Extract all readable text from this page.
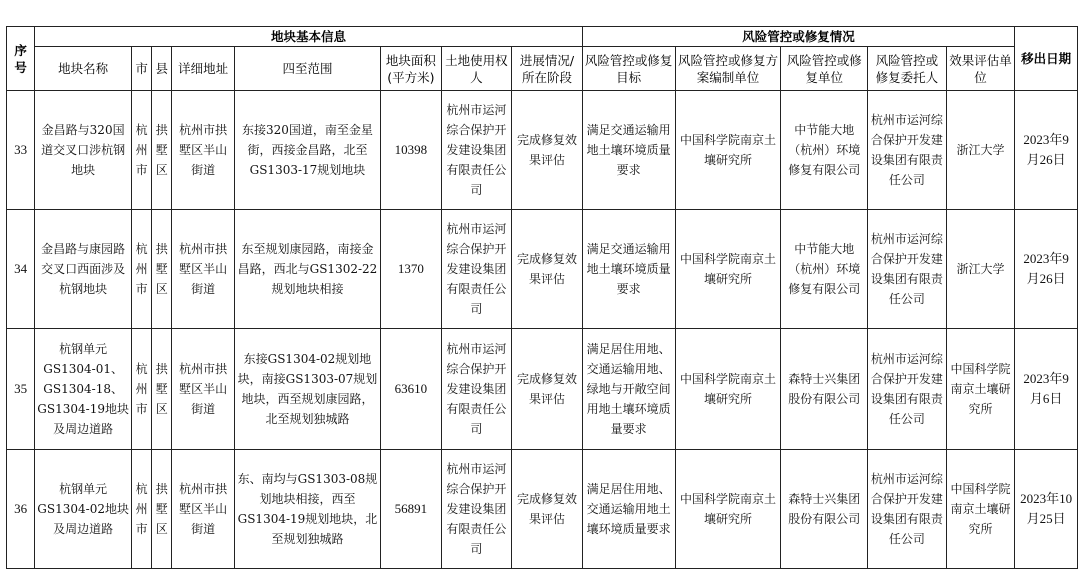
序号	地块基本信息								风险管控或修复情况					移出日期
	地块名称	市	县	详细地址	四至范围	地块面积(平方米)	土地使用权人	进展情况/所在阶段	风险管控或修复目标	风险管控或修复方案编制单位	风险管控或修复单位	风险管控或修复委托人	效果评估单位	
33	金昌路与320国道交叉口涉杭钢地块	杭州市	拱墅区	杭州市拱墅区半山街道	东接320国道，南至金星街，西接金昌路，北至GS1303-17规划地块	10398	杭州市运河综合保护开发建设集团有限责任公司	完成修复效果评估	满足交通运输用地土壤环境质量要求	中国科学院南京土壤研究所	中节能大地（杭州）环境修复有限公司	杭州市运河综合保护开发建设集团有限责任公司	浙江大学	2023年9月26日
34	金昌路与康园路交叉口西面涉及杭钢地块	杭州市	拱墅区	杭州市拱墅区半山街道	东至规划康园路，南接金昌路，西北与GS1302-22规划地块相接	1370	杭州市运河综合保护开发建设集团有限责任公司	完成修复效果评估	满足交通运输用地土壤环境质量要求	中国科学院南京土壤研究所	中节能大地（杭州）环境修复有限公司	杭州市运河综合保护开发建设集团有限责任公司	浙江大学	2023年9月26日
35	杭钢单元GS1304-01、GS1304-18、GS1304-19地块及周边道路	杭州市	拱墅区	杭州市拱墅区半山街道	东接GS1304-02规划地块，南接GS1303-07规划地块，西至规划康园路，北至规划独城路	63610	杭州市运河综合保护开发建设集团有限责任公司	完成修复效果评估	满足居住用地、交通运输用地、绿地与开敞空间用地土壤环境质量要求	中国科学院南京土壤研究所	森特士兴集团股份有限公司	杭州市运河综合保护开发建设集团有限责任公司	中国科学院南京土壤研究所	2023年9月6日
36	杭钢单元GS1304-02地块及周边道路	杭州市	拱墅区	杭州市拱墅区半山街道	东、南均与GS1303-08规划地块相接，西至GS1304-19规划地块，北至规划独城路	56891	杭州市运河综合保护开发建设集团有限责任公司	完成修复效果评估	满足居住用地、交通运输用地土壤环境质量要求	中国科学院南京土壤研究所	森特士兴集团股份有限公司	杭州市运河综合保护开发建设集团有限责任公司	中国科学院南京土壤研究所	2023年10月25日
